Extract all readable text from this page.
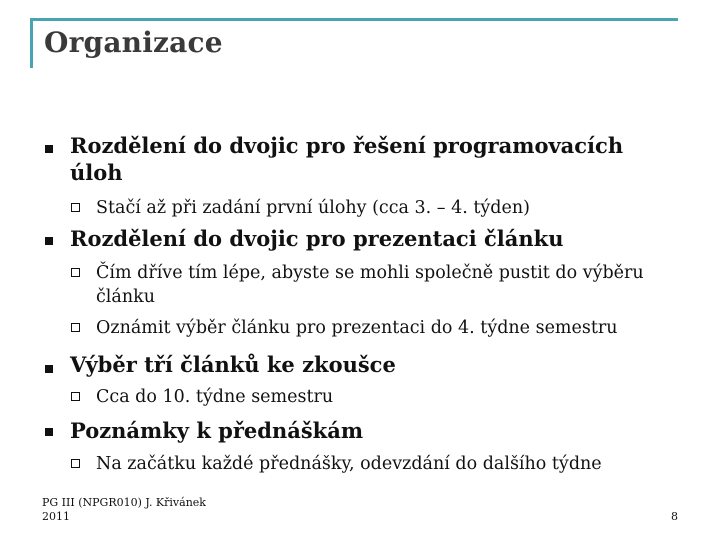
Organizace
Rozdělení do dvojic pro řešení programovacích úloh
Stačí až při zadání první úlohy (cca 3. – 4. týden)
Rozdělení do dvojic pro prezentaci článku
Čím dříve tím lépe, abyste se mohli společně pustit do výběru článku
Oznámit výběr článku pro prezentaci do 4. týdne semestru
Výběr tří článků ke zkoušce
Cca do 10. týdne semestru
Poznámky k přednáškám
Na začátku každé přednášky, odevzdání do dalšího týdne
PG III (NPGR010) J. Křivánek
2011	8
